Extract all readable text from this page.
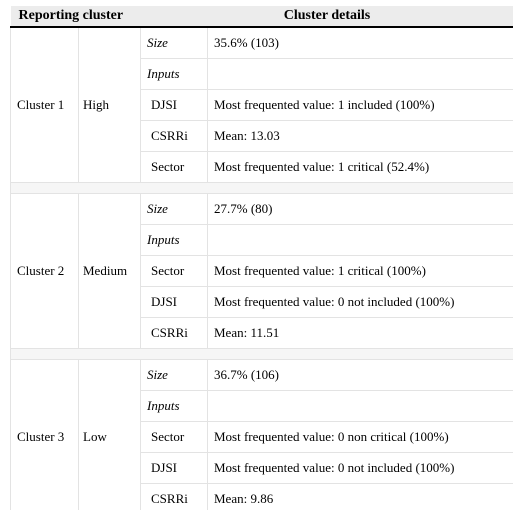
Reporting cluster		Cluster details	
Cluster 1	High	Size	35.6% (103)
		Inputs	
		DJSI	Most frequented value: 1 included (100%)
		CSRRi	Mean: 13.03
		Sector	Most frequented value: 1 critical (52.4%)

Cluster 2	Medium	Size	27.7% (80)
		Inputs	
		Sector	Most frequented value: 1 critical (100%)
		DJSI	Most frequented value: 0 not included (100%)
		CSRRi	Mean: 11.51

Cluster 3	Low	Size	36.7% (106)
		Inputs	
		Sector	Most frequented value: 0 non critical (100%)
		DJSI	Most frequented value: 0 not included (100%)
		CSRRi	Mean: 9.86
